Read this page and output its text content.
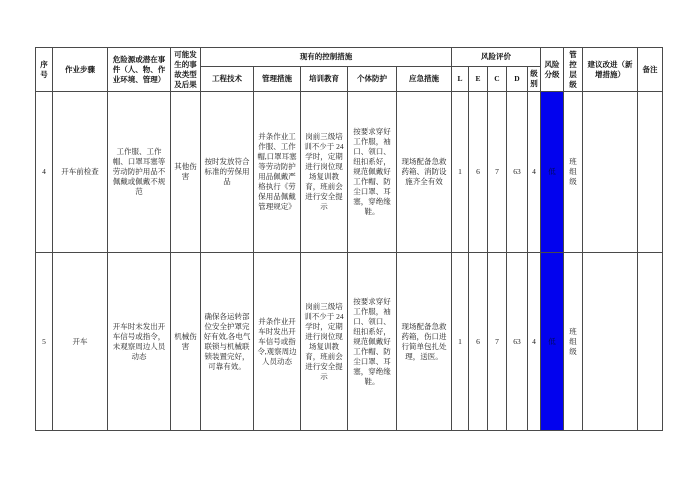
序号	作业步骤	危险源或潜在事件（人、物、作业环境、管理）	可能发生的事故类型及后果	现有的控制措施					风险评价					风险分级	管控层级	建议改进（新增措施）	备注
				工程技术	管理措施	培训教育	个体防护	应急措施	L	E	C	D	级别				
4	开车前检查	工作服、工作帽、口罩耳塞等劳动防护用品不佩戴或佩戴不规范	其他伤害	按时发放符合标准的劳保用品	并条作业工作服、工作帽,口罩耳塞等劳动防护用品佩戴严格执行《劳保用品佩戴管理规定》	岗前三级培训不少于 24 学时，定期进行岗位现场复训教育，班前会进行安全提示	按要求穿好工作服，袖口、领口、纽扣系好，规范佩戴好工作帽、防尘口罩、耳塞，穿绝缘鞋。	现场配备急救药箱、消防设施齐全有效	1	6	7	63	4	低	班组级		
5	开车	开车时未发出开车信号或指令，未观察周边人员动态	机械伤害	确保各运转部位安全护罩完好有效,各电气联锁与机械联锁装置完好，可靠有效。	并条作业开车时发出开车信号或指令,观察周边人员动态	岗前三级培训不少于 24 学时，定期进行岗位现场复训教育，班前会进行安全提示	按要求穿好工作服，袖口、领口、纽扣系好，规范佩戴好工作帽、防尘口罩、耳塞，穿绝缘鞋。	现场配备急救药箱，伤口进行简单包扎处理，送医。	1	6	7	63	4	低	班组级		
